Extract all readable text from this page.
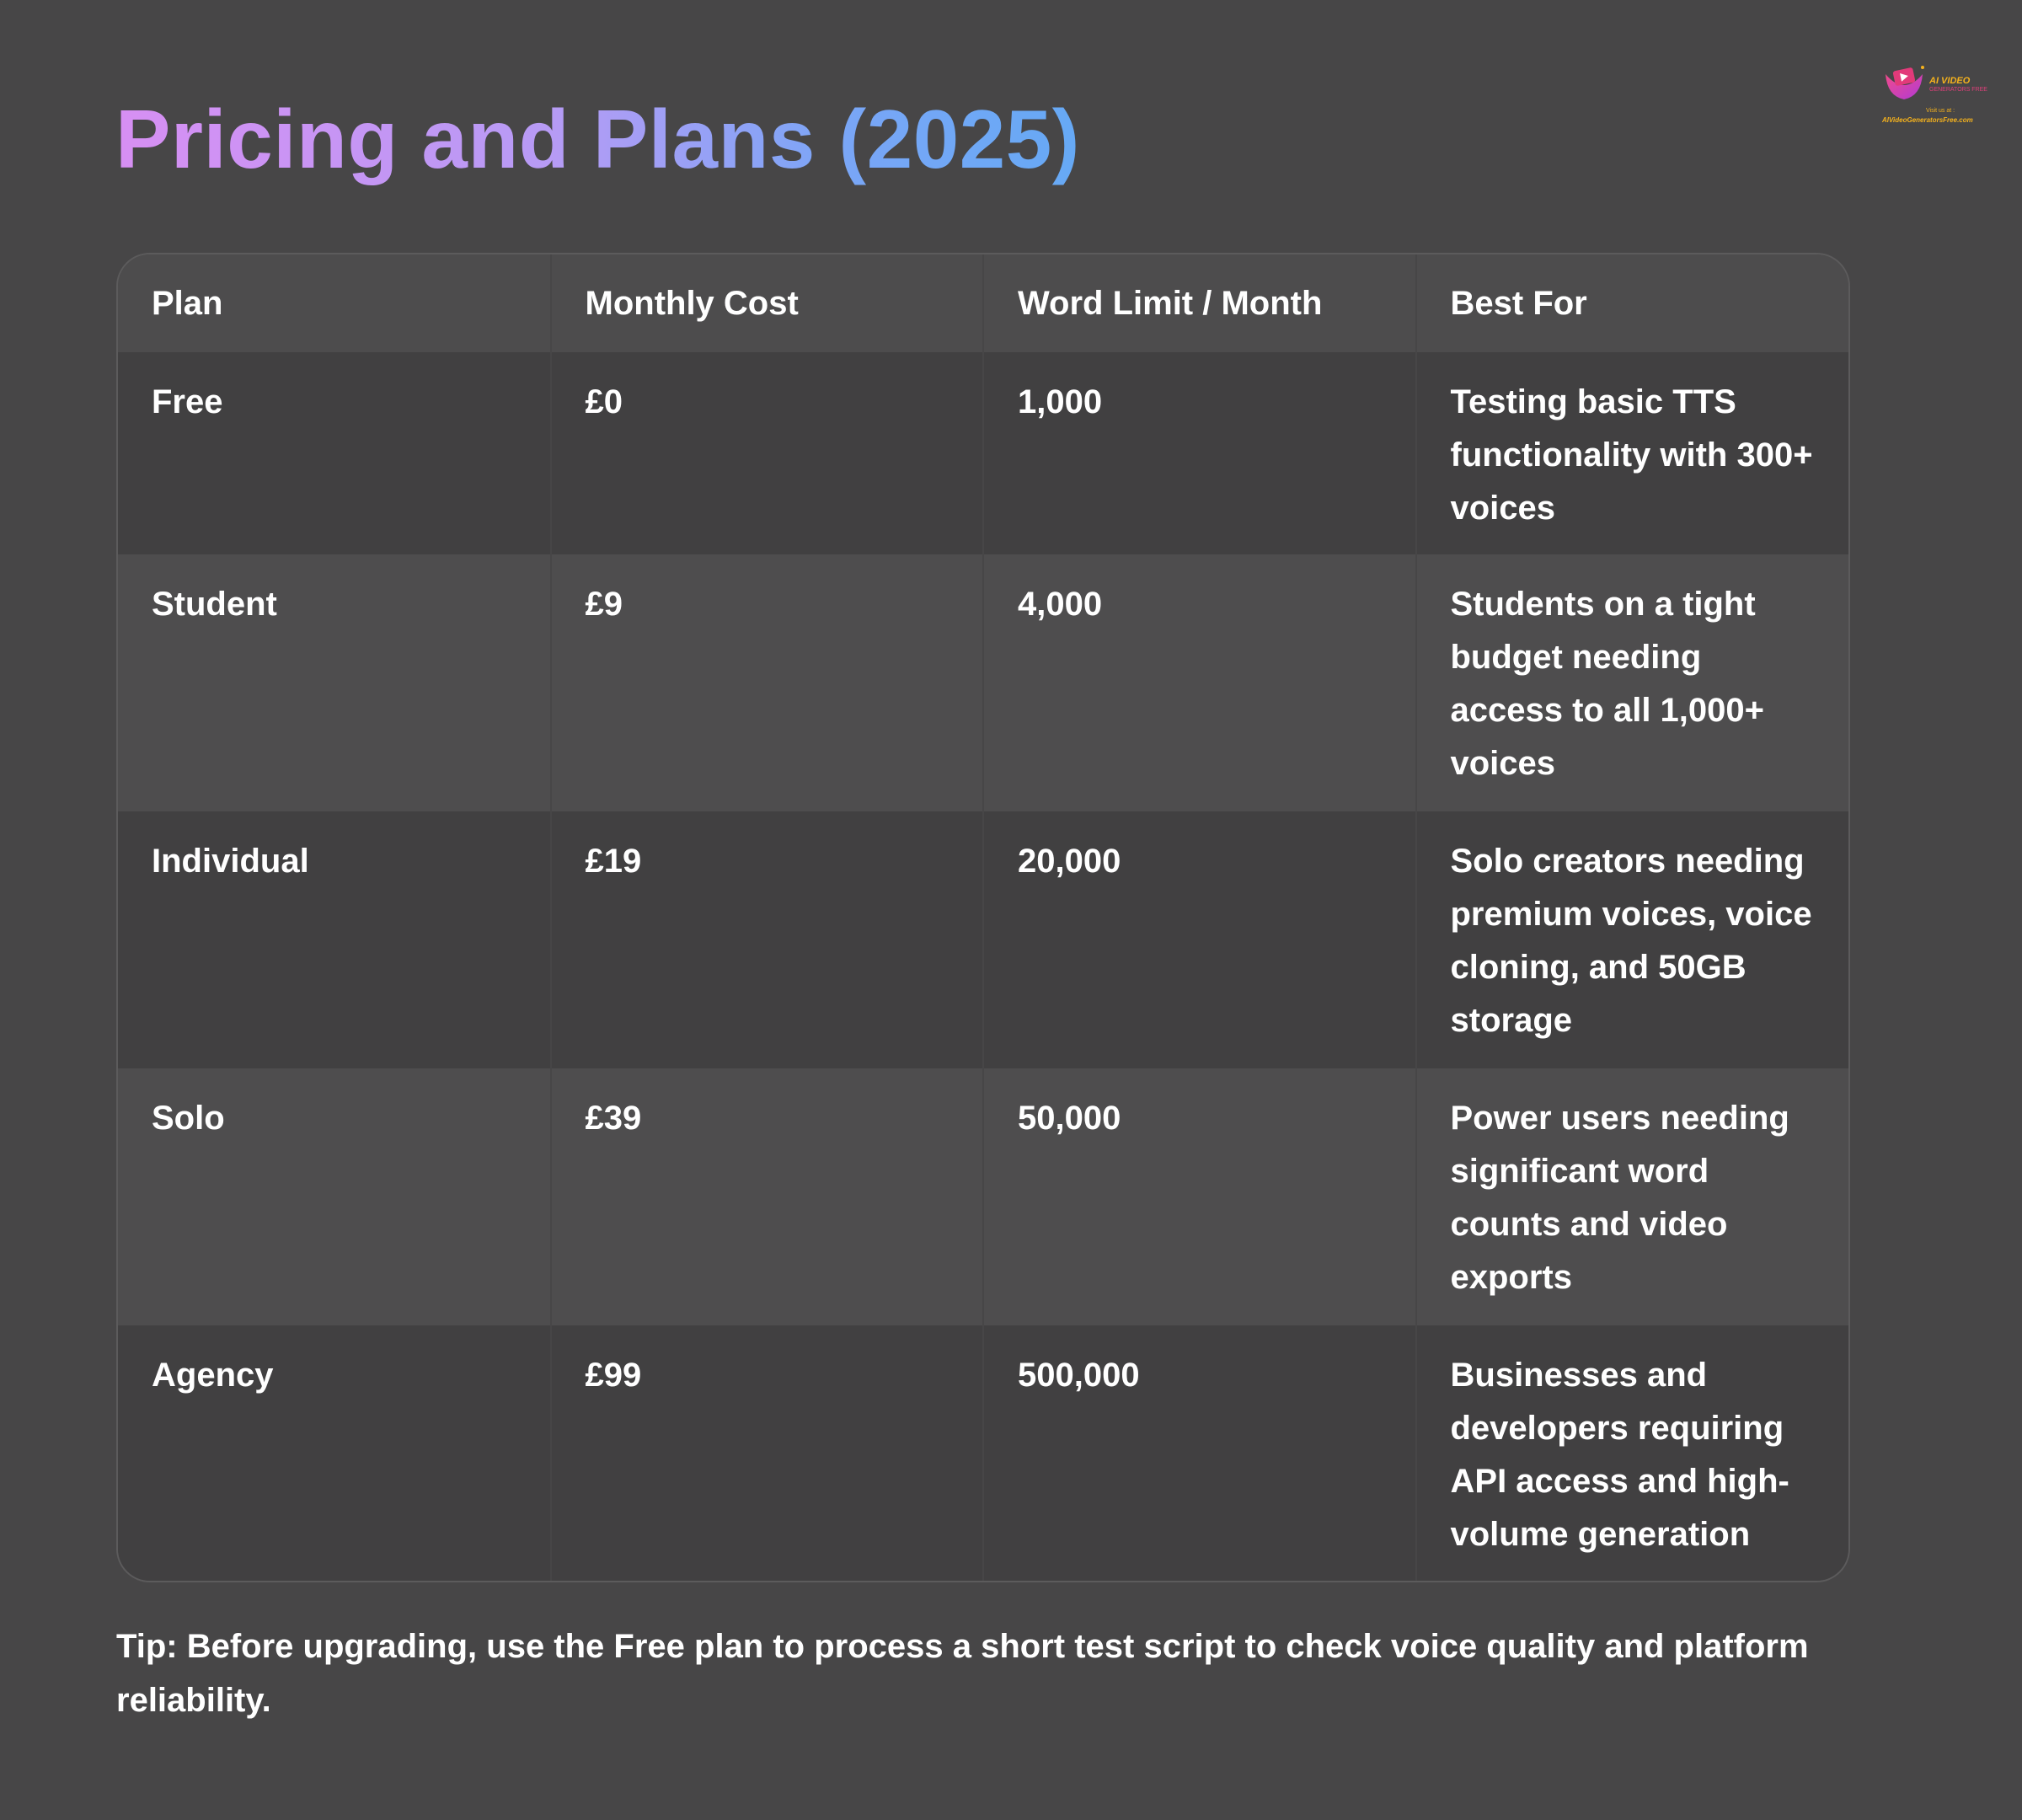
Pricing and Plans (2025)
AI VIDEO
GENERATORS FREE
Visit us at :
AIVideoGeneratorsFree.com
Plan	Monthly Cost	Word Limit / Month	Best For
Free	£0	1,000	Testing basic TTS functionality with 300+ voices
Student	£9	4,000	Students on a tight budget needing access to all 1,000+ voices
Individual	£19	20,000	Solo creators needing premium voices, voice cloning, and 50GB storage
Solo	£39	50,000	Power users needing significant word counts and video exports
Agency	£99	500,000	Businesses and developers requiring API access and high-volume generation

Tip: Before upgrading, use the Free plan to process a short test script to check voice quality and platform reliability.
